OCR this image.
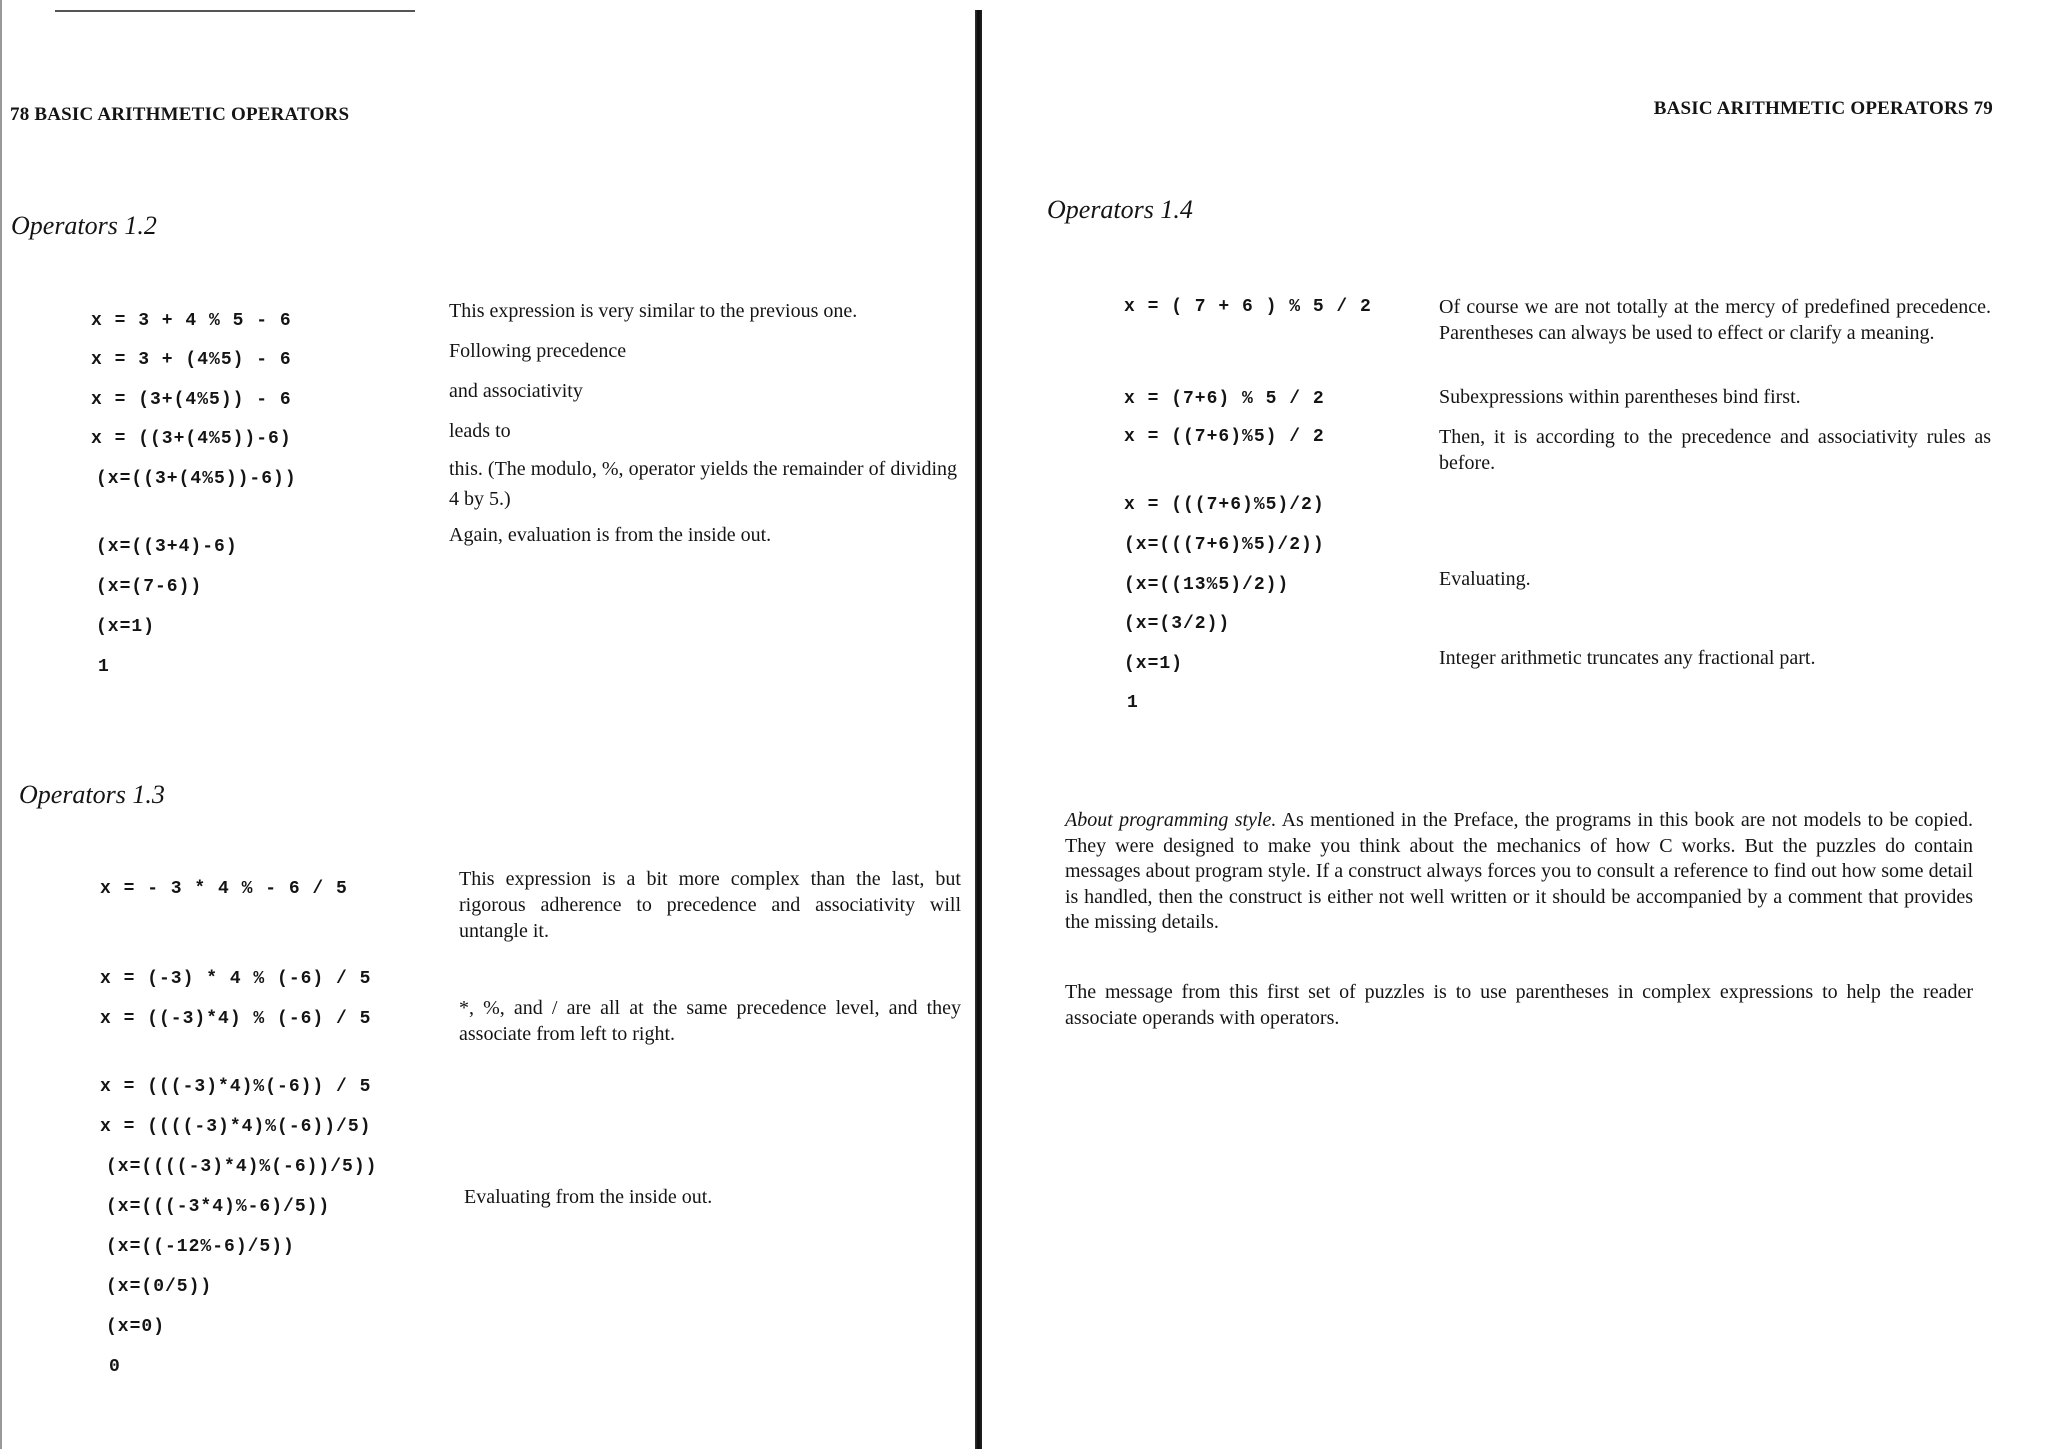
78 BASIC ARITHMETIC OPERATORS
Operators 1.2
x = 3 + 4 % 5 - 6
x = 3 + (4%5) - 6
x = (3+(4%5)) - 6
x = ((3+(4%5))-6)
(x=((3+(4%5))-6))
(x=((3+4)-6)
(x=(7-6))
(x=1)
1

This expression is very similar to the previous one.

Following precedence

and associativity

leads to

this. (The modulo, %, operator yields the remainder of dividing 4 by 5.)

Again, evaluation is from the inside out.

Operators 1.3
x = - 3 * 4 % - 6 / 5
x = (-3) * 4 % (-6) / 5
x = ((-3)*4) % (-6) / 5
x = (((-3)*4)%(-6)) / 5
x = ((((-3)*4)%(-6))/5)
(x=((((-3)*4)%(-6))/5))
(x=(((-3*4)%-6)/5))
(x=((-12%-6)/5))
(x=(0/5))
(x=0)
0

This expression is a bit more complex than the last, but rigorous adherence to precedence and associativity will untangle it.

*, %, and / are all at the same precedence level, and they associate from left to right.

Evaluating from the inside out.

BASIC ARITHMETIC OPERATORS 79
Operators 1.4
x = ( 7 + 6 ) % 5 / 2
x = (7+6) % 5 / 2
x = ((7+6)%5) / 2
x = (((7+6)%5)/2)
(x=(((7+6)%5)/2))
(x=((13%5)/2))
(x=(3/2))
(x=1)
1

Of course we are not totally at the mercy of predefined precedence. Parentheses can always be used to effect or clarify a meaning.

Subexpressions within parentheses bind first.

Then, it is according to the precedence and associativity rules as before.

Evaluating.

Integer arithmetic truncates any fractional part.

About programming style. As mentioned in the Preface, the programs in this book are not models to be copied. They were designed to make you think about the mechanics of how C works. But the puzzles do contain messages about program style. If a construct always forces you to consult a reference to find out how some detail is handled, then the construct is either not well written or it should be accompanied by a comment that provides the missing details.

The message from this first set of puzzles is to use parentheses in complex expressions to help the reader associate operands with operators.
